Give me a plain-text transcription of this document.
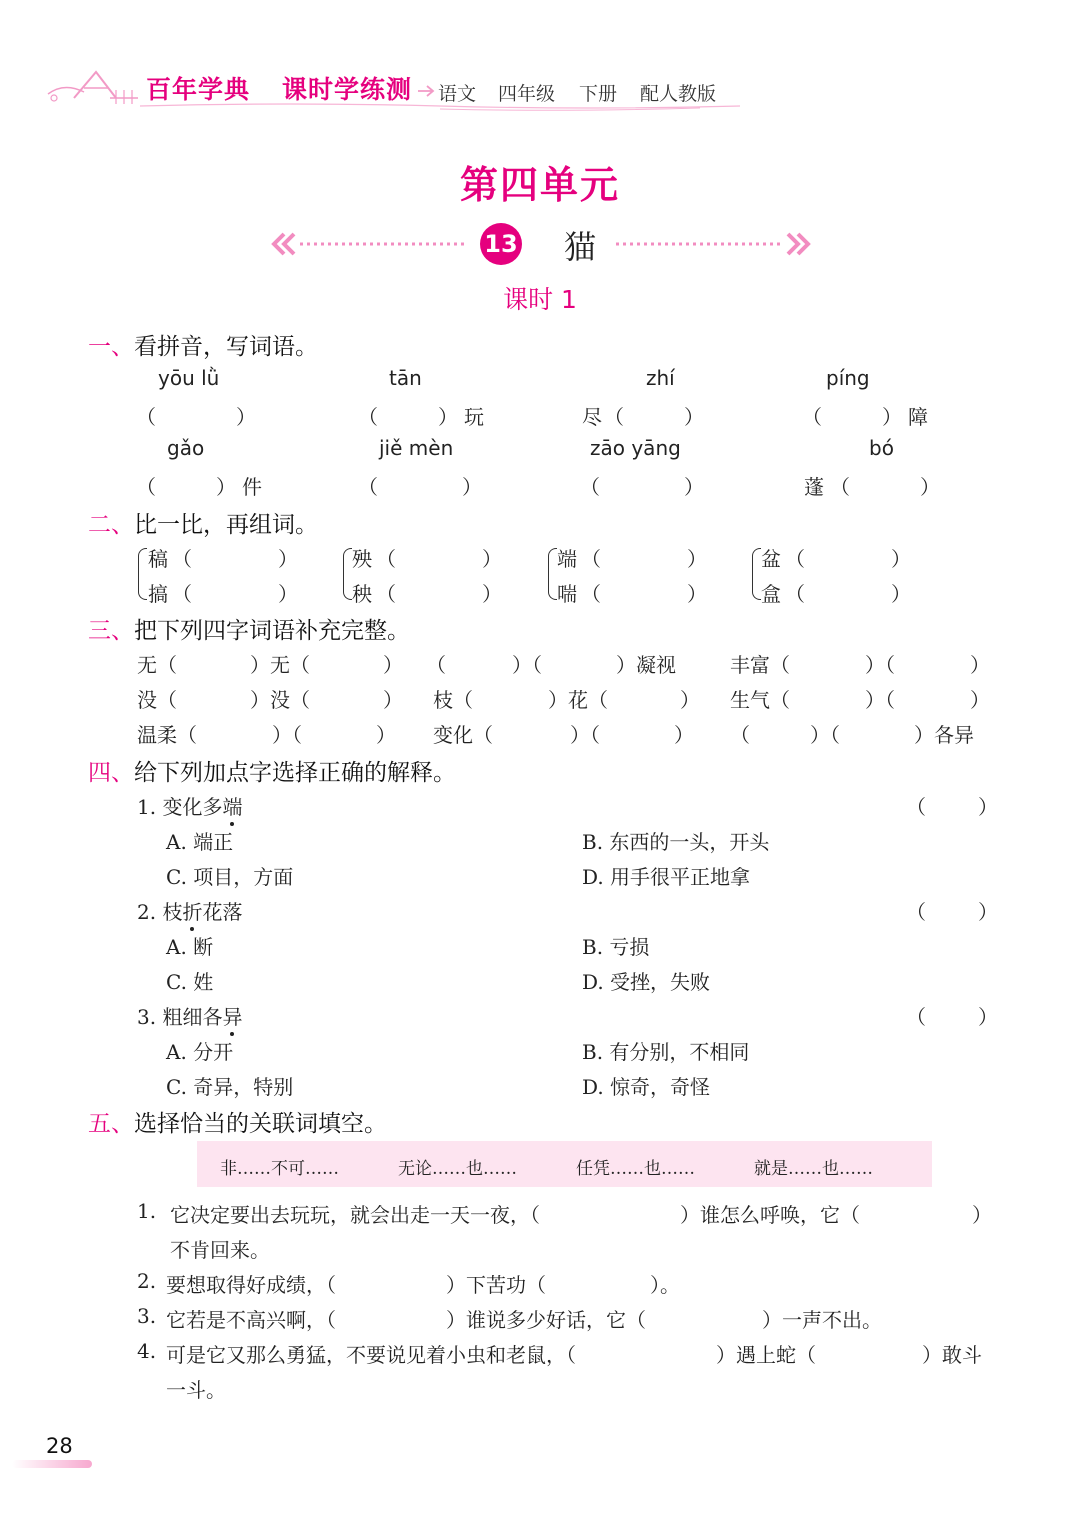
百年学典 课时学练测 语文 四年级 下册 配人教版
第四单元
13 猫
课时 1
一、看拼音，写词语。
yōu lǜ	tān	zhí	píng
（	）	（	） 玩	尽 （	）	（	） 障
gǎo	jiě mèn	zāo yāng	bó
（	） 件	（	）	（	）	蓬 （	）
二、比一比，再组词。
稿 （	）
搞 （	）
殃 （	）
秧 （	）
端 （	）
喘 （	）
盆 （	）
盒 （	）
三、把下列四字词语补充完整。
无（	）无（	） （	）（	）凝视	丰富（	）（	）
没（	）没（	） 枝（	）花（	） 生气（	）（	）
温柔（	）（	） 变化（	）（	） （	）（	）各异
四、给下列加点字选择正确的解释。
1. 变化多端	（	）
A. 端正	B. 东西的一头，开头
C. 项目，方面	D. 用手很平正地拿
2. 枝折花落	（	）
A. 断	B. 亏损
C. 姓	D. 受挫，失败
3. 粗细各异	（	）
A. 分开	B. 有分别，不相同
C. 奇异，特别	D. 惊奇，奇怪
五、选择恰当的关联词填空。
非……不可……	无论……也……	任凭……也……	就是……也……
1. 它决定要出去玩玩，就会出走一天一夜，（	）谁怎么呼唤，它（	）
不肯回来。
2. 要想取得好成绩，（	）下苦功（	）。
3. 它若是不高兴啊，（	）谁说多少好话，它（	）一声不出。
4. 可是它又那么勇猛，不要说见着小虫和老鼠，（	）遇上蛇（	）敢斗
一斗。
28
